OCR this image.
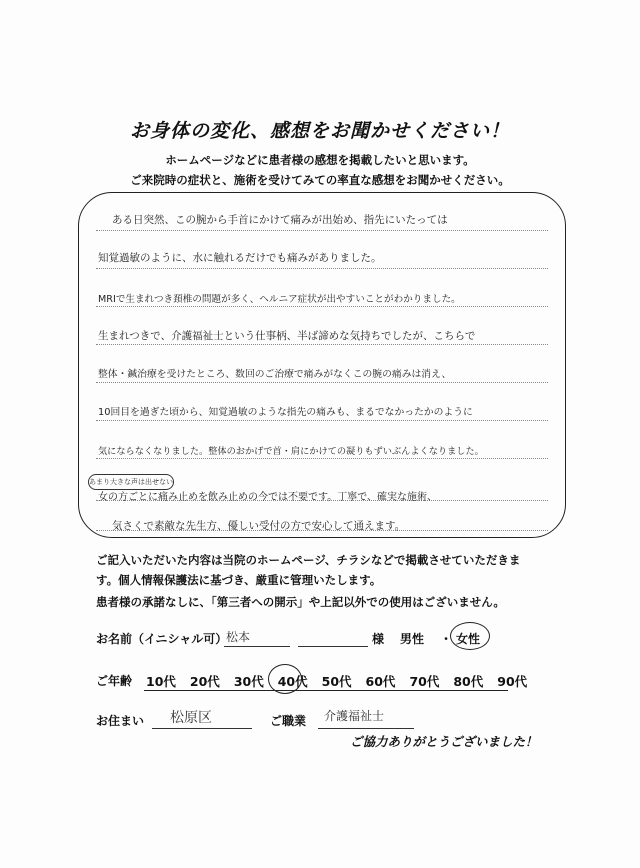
お身体の変化、感想をお聞かせください！
ホームページなどに患者様の感想を掲載したいと思います。
ご来院時の症状と、施術を受けてみての率直な感想をお聞かせください。
ある日突然、この腕から手首にかけて痛みが出始め、指先にいたっては
知覚過敏のように、水に触れるだけでも痛みがありました。
MRIで生まれつき頚椎の問題が多く、ヘルニア症状が出やすいことがわかりました。
生まれつきで、介護福祉士という仕事柄、半ば諦めな気持ちでしたが、こちらで
整体・鍼治療を受けたところ、数回のご治療で痛みがなくこの腕の痛みは消え、
10回目を過ぎた頃から、知覚過敏のような指先の痛みも、まるでなかったかのように
気にならなくなりました。整体のおかげで首・肩にかけての凝りもずいぶんよくなりました。
あまり大きな声は出せない
女の方ごとに痛み止めを飲み止めの今では不要です。丁寧で、確実な施術、
気さくで素敵な先生方、優しい受付の方で安心して通えます。
ご記入いただいた内容は当院のホームページ、チラシなどで掲載させていただきま
す。個人情報保護法に基づき、厳重に管理いたします。
患者様の承諾なしに、「第三者への開示」や上記以外での使用はございません。
お名前（イニシャル可）
松本	様 男性 ・ 女性
ご年齢 10代 20代 30代 40代 50代 60代 70代 80代 90代
お住まい 松原区	ご職業 介護福祉士
ご協力ありがとうございました！
